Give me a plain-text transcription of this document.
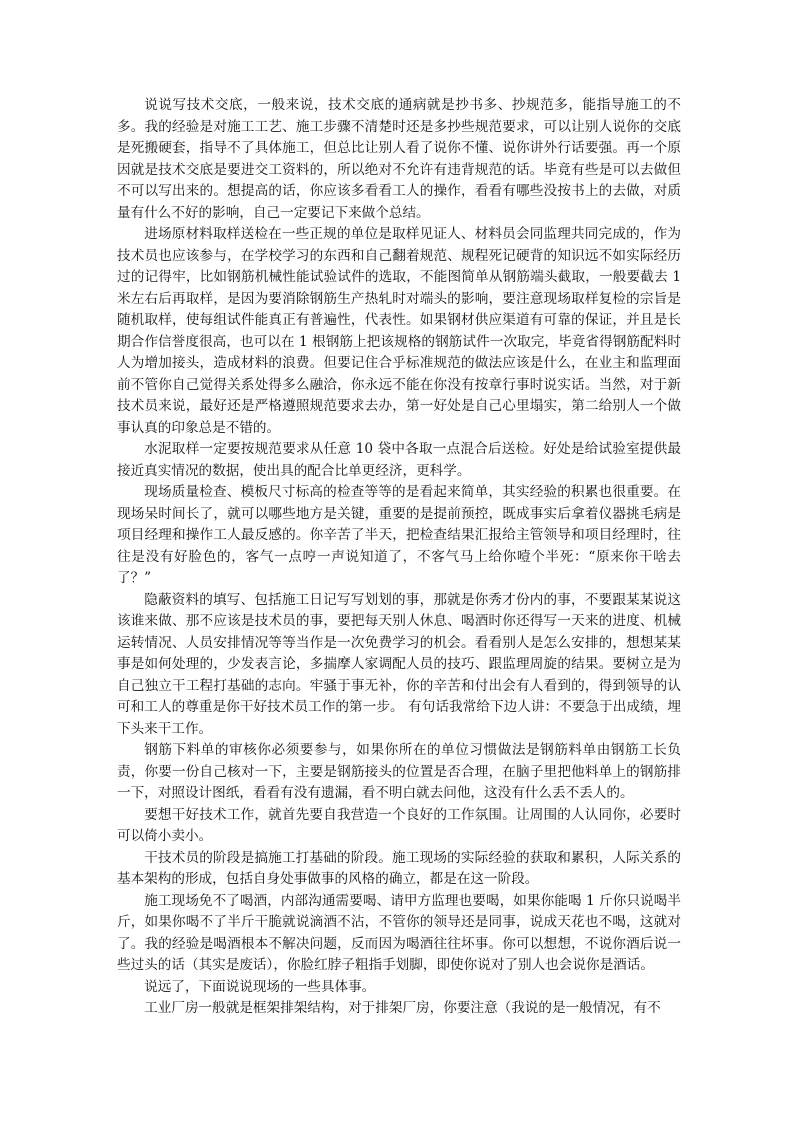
说说写技术交底，一般来说，技术交底的通病就是抄书多、抄规范多，能指导施工的不多。我的经验是对施工工艺、施工步骤不清楚时还是多抄些规范要求，可以让别人说你的交底是死搬硬套，指导不了具体施工，但总比让别人看了说你不懂、说你讲外行话要强。再一个原因就是技术交底是要进交工资料的，所以绝对不允许有违背规范的话。毕竟有些是可以去做但不可以写出来的。想提高的话，你应该多看看工人的操作，看看有哪些没按书上的去做，对质量有什么不好的影响，自己一定要记下来做个总结。

进场原材料取样送检在一些正规的单位是取样见证人、材料员会同监理共同完成的，作为技术员也应该参与，在学校学习的东西和自己翻着规范、规程死记硬背的知识远不如实际经历过的记得牢，比如钢筋机械性能试验试件的选取，不能图简单从钢筋端头截取，一般要截去 1 米左右后再取样，是因为要消除钢筋生产热轧时对端头的影响，要注意现场取样复检的宗旨是随机取样，使每组试件能真正有普遍性，代表性。如果钢材供应渠道有可靠的保证，并且是长期合作信誉度很高，也可以在 1 根钢筋上把该规格的钢筋试件一次取完，毕竟省得钢筋配料时人为增加接头，造成材料的浪费。但要记住合乎标准规范的做法应该是什么，在业主和监理面前不管你自己觉得关系处得多么融洽，你永远不能在你没有按章行事时说实话。当然，对于新技术员来说，最好还是严格遵照规范要求去办，第一好处是自己心里塌实，第二给别人一个做事认真的印象总是不错的。

水泥取样一定要按规范要求从任意 10 袋中各取一点混合后送检。好处是给试验室提供最接近真实情况的数据，使出具的配合比单更经济，更科学。

现场质量检查、模板尺寸标高的检查等等的是看起来简单，其实经验的积累也很重要。在现场呆时间长了，就可以哪些地方是关键，重要的是提前预控，既成事实后拿着仪器挑毛病是项目经理和操作工人最反感的。你辛苦了半天，把检查结果汇报给主管领导和项目经理时，往往是没有好脸色的，客气一点哼一声说知道了，不客气马上给你噎个半死：“原来你干啥去了？”

隐蔽资料的填写、包括施工日记写写划划的事，那就是你秀才份内的事，不要跟某某说这该谁来做、那不应该是技术员的事，要把每天别人休息、喝酒时你还得写一天来的进度、机械运转情况、人员安排情况等等当作是一次免费学习的机会。看看别人是怎么安排的，想想某某事是如何处理的，少发表言论，多揣摩人家调配人员的技巧、跟监理周旋的结果。要树立是为自己独立干工程打基础的志向。牢骚于事无补，你的辛苦和付出会有人看到的，得到领导的认可和工人的尊重是你干好技术员工作的第一步。 有句话我常给下边人讲：不要急于出成绩，埋下头来干工作。

钢筋下料单的审核你必须要参与，如果你所在的单位习惯做法是钢筋料单由钢筋工长负责，你要一份自己核对一下，主要是钢筋接头的位置是否合理，在脑子里把他料单上的钢筋排一下，对照设计图纸，看看有没有遗漏，看不明白就去问他，这没有什么丢不丢人的。

要想干好技术工作，就首先要自我营造一个良好的工作氛围。让周围的人认同你，必要时可以倚小卖小。

干技术员的阶段是搞施工打基础的阶段。施工现场的实际经验的获取和累积，人际关系的基本架构的形成，包括自身处事做事的风格的确立，都是在这一阶段。

施工现场免不了喝酒，内部沟通需要喝、请甲方监理也要喝，如果你能喝 1 斤你只说喝半斤，如果你喝不了半斤干脆就说滴酒不沾，不管你的领导还是同事，说成天花也不喝，这就对了。我的经验是喝酒根本不解决问题，反而因为喝酒往往坏事。你可以想想，不说你酒后说一些过头的话（其实是废话），你脸红脖子粗指手划脚，即使你说对了别人也会说你是酒话。

说远了，下面说说现场的一些具体事。

工业厂房一般就是框架排架结构，对于排架厂房，你要注意（我说的是一般情况，有不
